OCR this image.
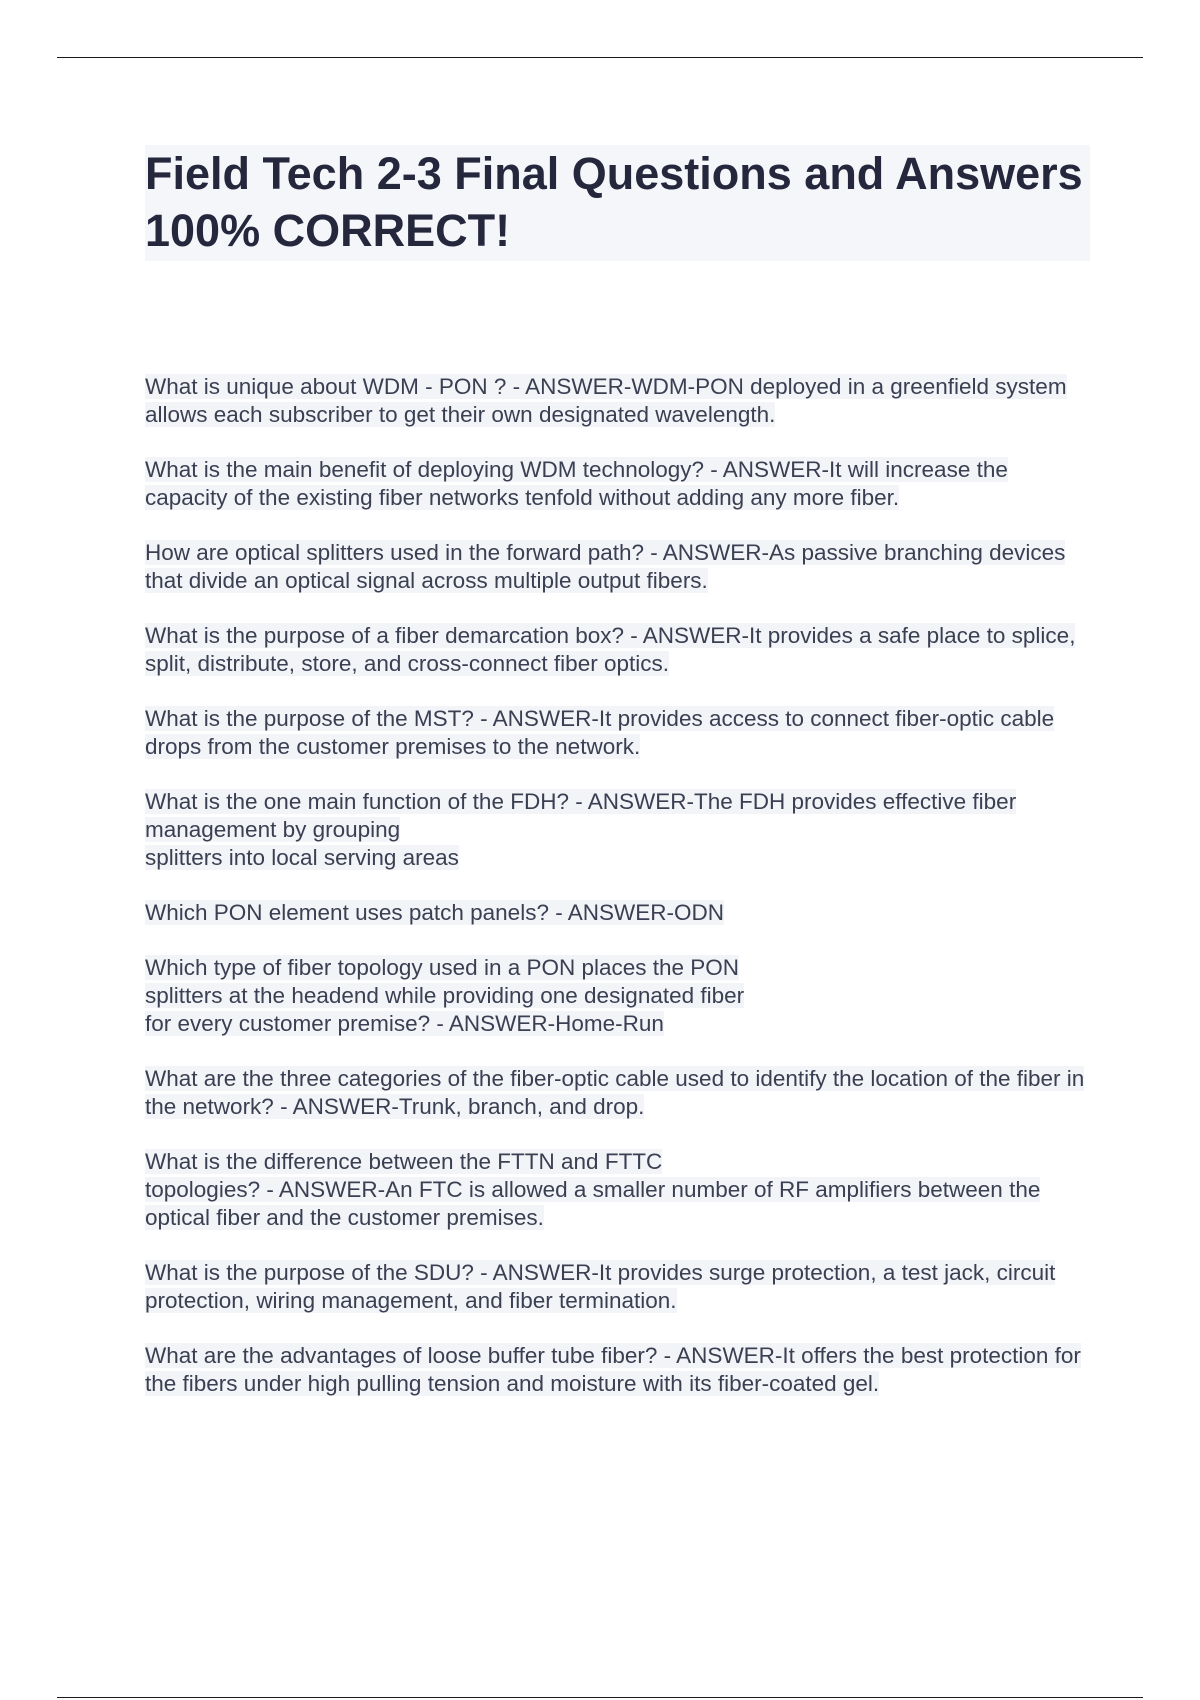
Field Tech 2-3 Final Questions and Answers 100% CORRECT!

What is unique about WDM - PON ? - ANSWER-WDM-PON deployed in a greenfield system allows each subscriber to get their own designated wavelength.

What is the main benefit of deploying WDM technology? - ANSWER-It will increase the capacity of the existing fiber networks tenfold without adding any more fiber.

How are optical splitters used in the forward path? - ANSWER-As passive branching devices that divide an optical signal across multiple output fibers.

What is the purpose of a fiber demarcation box? - ANSWER-It provides a safe place to splice, split, distribute, store, and cross-connect fiber optics.

What is the purpose of the MST? - ANSWER-It provides access to connect fiber-optic cable drops from the customer premises to the network.

What is the one main function of the FDH? - ANSWER-The FDH provides effective fiber management by grouping
splitters into local serving areas

Which PON element uses patch panels? - ANSWER-ODN

Which type of fiber topology used in a PON places the PON
splitters at the headend while providing one designated fiber
for every customer premise? - ANSWER-Home-Run

What are the three categories of the fiber-optic cable used to identify the location of the fiber in the network? - ANSWER-Trunk, branch, and drop.

What is the difference between the FTTN and FTTC
topologies? - ANSWER-An FTC is allowed a smaller number of RF amplifiers between the optical fiber and the customer premises.

What is the purpose of the SDU? - ANSWER-It provides surge protection, a test jack, circuit protection, wiring management, and fiber termination.

What are the advantages of loose buffer tube fiber? - ANSWER-It offers the best protection for the fibers under high pulling tension and moisture with its fiber-coated gel.
